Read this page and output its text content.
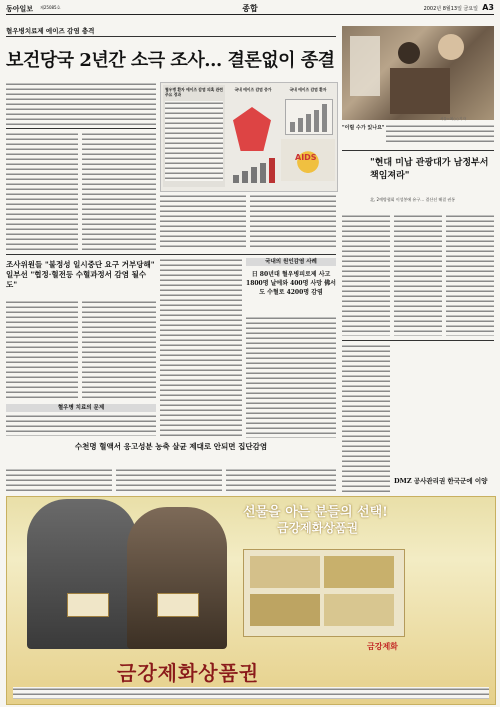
동아일보	종합	2002년 8월13일 금요일 A3
제25085호
혈우병치료제 에이즈 감염 충격
보건당국 2년간 소극 조사… 결론없이 종결
혈우병 환자 에이즈 감염 의혹 관련 주요 경과
국내 에이즈 감염 증가	국내 에이즈 감염 환자
AIDS
서울=최○○기자
"이럴 수가 있나요"
"현대 미납 관광대가 남정부서 책임져라"
北, 2예방협회 이성봉에 유구… 결산선 해결 권통
조사위원들 "불정성 일시중단 요구 거부당해" 일부선 "협정·혈전등 수혈과정서 감염 될수도"
국내의 원인감염 사례
日 80년대 혈우병피로제 사고 1800명 날에와 400명 사망 佛서도 수혈로 4200명 감염
혈우병 치료의 문제
수천명 혈액서 응고성분 농축 살균 제대로 안되면 집단감염
DMZ 공사관리권 한국군에 이양
선물을 아는 분들의 선택!
금강제화상품권
금강제화
금강제화상품권
